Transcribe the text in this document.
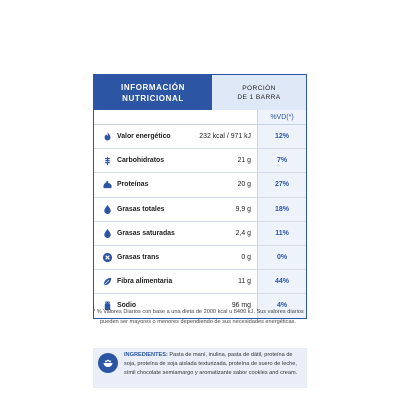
INFORMACIÓN
NUTRICIONAL
PORCIÓN
DE 1 BARRA
%VD(*)
Valor energético	232 kcal / 971 kJ	12%
Carbohidratos	21 g	7%
Proteínas	20 g	27%
Grasas totales	9,9 g	18%
Grasas saturadas	2,4 g	11%
Grasas trans	0 g	0%
Fibra alimentaria	11 g	44%
Sodio	96 mg	4%

* % Valores Diarios con base a una dieta de 2000 kcal u 8400 kJ. Sus valores diarios pueden ser mayores o menores dependiendo de sus necesidades energéticas.

INGREDIENTES: Pasta de maní, inulina, pasta de dátil, proteína de soja, proteína de soja aislada texturizada, proteína de suero de leche, símil chocolate semiamargo y aromatizante sabor cookies and cream.
